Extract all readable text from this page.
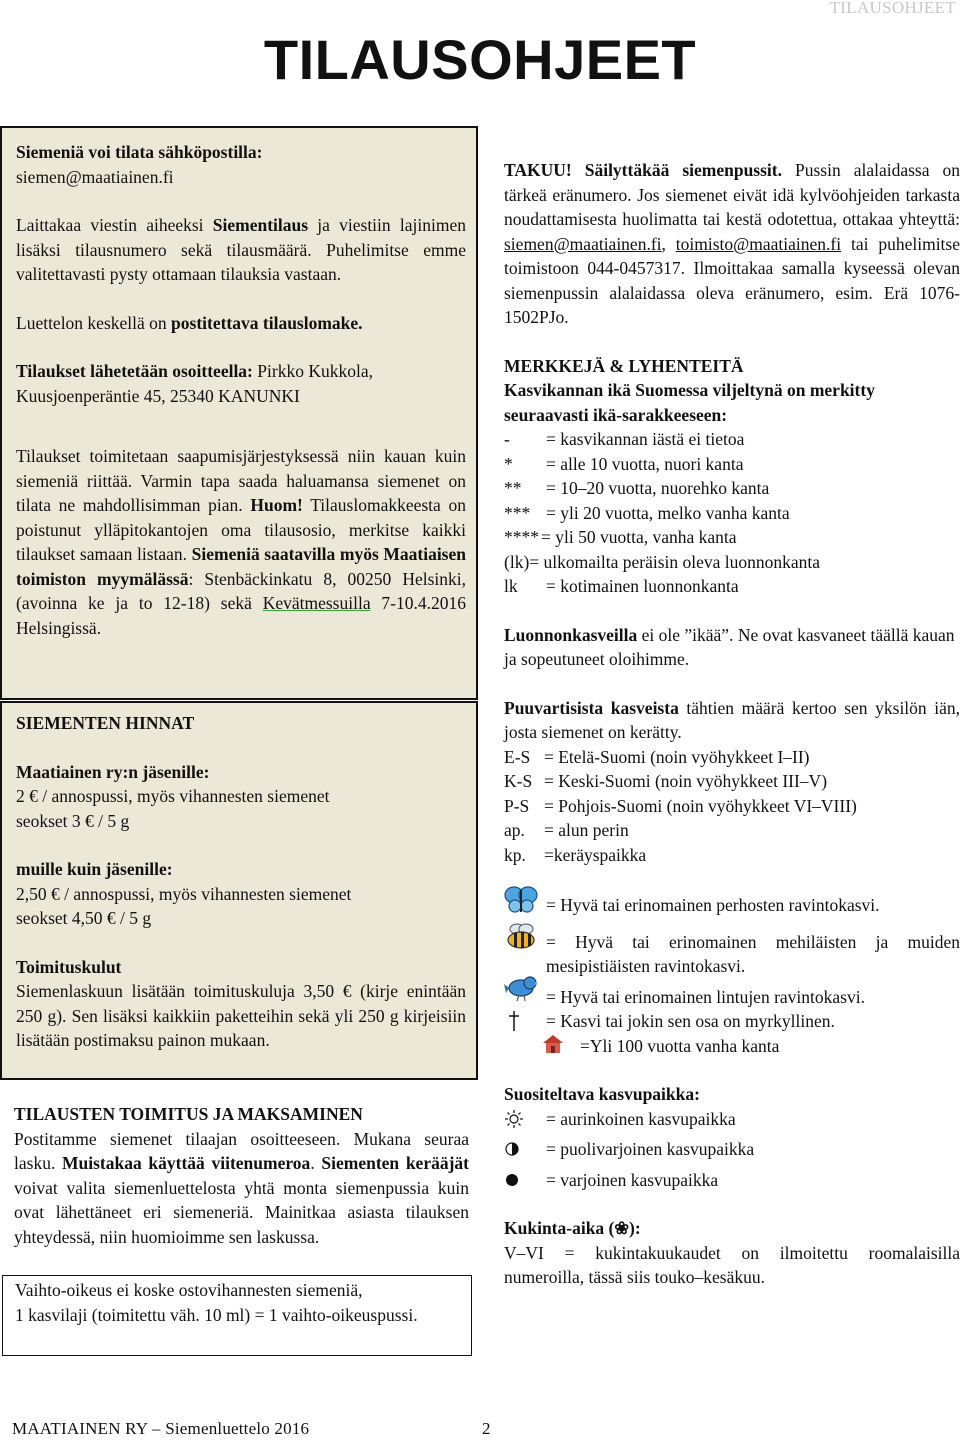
TILAUSOHJEET
TILAUSOHJEET

Siemeniä voi tilata sähköpostilla:

siemen@maatiainen.fi

Laittakaa viestin aiheeksi Siementilaus ja viestiin lajinimen lisäksi tilausnumero sekä tilausmäärä. Puhelimitse emme valitettavasti pysty ottamaan tilauksia vastaan.

Luettelon keskellä on postitettava tilauslomake.

Tilaukset lähetetään osoitteella: Pirkko Kukkola, Kuusjoenperäntie 45, 25340 KANUNKI

Tilaukset toimitetaan saapumisjärjestyksessä niin kauan kuin siemeniä riittää. Varmin tapa saada haluamansa siemenet on tilata ne mahdollisimman pian. Huom! Tilauslomakkeesta on poistunut ylläpitokantojen oma tilausosio, merkitse kaikki tilaukset samaan listaan. Siemeniä saatavilla myös Maatiaisen toimiston myymälässä: Stenbäckinkatu 8, 00250 Helsinki, (avoinna ke ja to 12-18) sekä Kevätmessuilla 7-10.4.2016 Helsingissä.

SIEMENTEN HINNAT

Maatiainen ry:n jäsenille:

2 € / annospussi, myös vihannesten siemenet

seokset 3 € / 5 g

muille kuin jäsenille:

2,50 € / annospussi, myös vihannesten siemenet

seokset 4,50 € / 5 g

Toimituskulut

Siemenlaskuun lisätään toimituskuluja 3,50 € (kirje enintään 250 g). Sen lisäksi kaikkiin paketteihin sekä yli 250 g kirjeisiin lisätään postimaksu painon mukaan.

TILAUSTEN TOIMITUS JA MAKSAMINEN

Postitamme siemenet tilaajan osoitteeseen. Mukana seuraa lasku. Muistakaa käyttää viitenumeroa. Siementen kerääjät voivat valita siemenluettelosta yhtä monta siemenpussia kuin ovat lähettäneet eri siemeneriä. Mainitkaa asiasta tilauksen yhteydessä, niin huomioimme sen laskussa.

Vaihto-oikeus ei koske ostovihannesten siemeniä,

1 kasvilaji (toimitettu väh. 10 ml) = 1 vaihto-oikeuspussi.

TAKUU! Säilyttäkää siemenpussit. Pussin alalaidassa on tärkeä eränumero. Jos siemenet eivät idä kylvöohjeiden tarkasta noudattamisesta huolimatta tai kestä odotettua, ottakaa yhteyttä: siemen@maatiainen.fi, toimisto@maatiainen.fi tai puhelimitse toimistoon 044-0457317. Ilmoittakaa samalla kyseessä olevan siemenpussin alalaidassa oleva eränumero, esim. Erä 1076-1502PJo.

MERKKEJÄ & LYHENTEITÄ

Kasvikannan ikä Suomessa viljeltynä on merkitty seuraavasti ikä-sarakkeeseen:

-	= kasvikannan iästä ei tietoa
*	= alle 10 vuotta, nuori kanta
**	= 10–20 vuotta, nuorehko kanta
*** = yli 20 vuotta, melko vanha kanta
**** = yli 50 vuotta, vanha kanta
(lk) = ulkomailta peräisin oleva luonnonkanta
lk	= kotimainen luonnonkanta

Luonnonkasveilla ei ole ”ikää”. Ne ovat kasvaneet täällä kauan ja sopeutuneet oloihimme.

Puuvartisista kasveista tähtien määrä kertoo sen yksilön iän, josta siemenet on kerätty.

E-S = Etelä-Suomi (noin vyöhykkeet I–II)
K-S = Keski-Suomi (noin vyöhykkeet III–V)
P-S = Pohjois-Suomi (noin vyöhykkeet VI–VIII)
ap.	= alun perin
kp.	=keräyspaikka
= Hyvä tai erinomainen perhosten ravintokasvi.
= Hyvä tai erinomainen mehiläisten ja muiden mesipistiäisten ravintokasvi.
= Hyvä tai erinomainen lintujen ravintokasvi.
= Kasvi tai jokin sen osa on myrkyllinen.
=Yli 100 vuotta vanha kanta

Suositeltava kasvupaikka:

= aurinkoinen kasvupaikka
= puolivarjoinen kasvupaikka
= varjoinen kasvupaikka

Kukinta-aika (❀):

V–VI = kukintakuukaudet on ilmoitettu roomalaisilla numeroilla, tässä siis touko–kesäkuu.

MAATIAINEN RY – Siemenluettelo 2016	2
